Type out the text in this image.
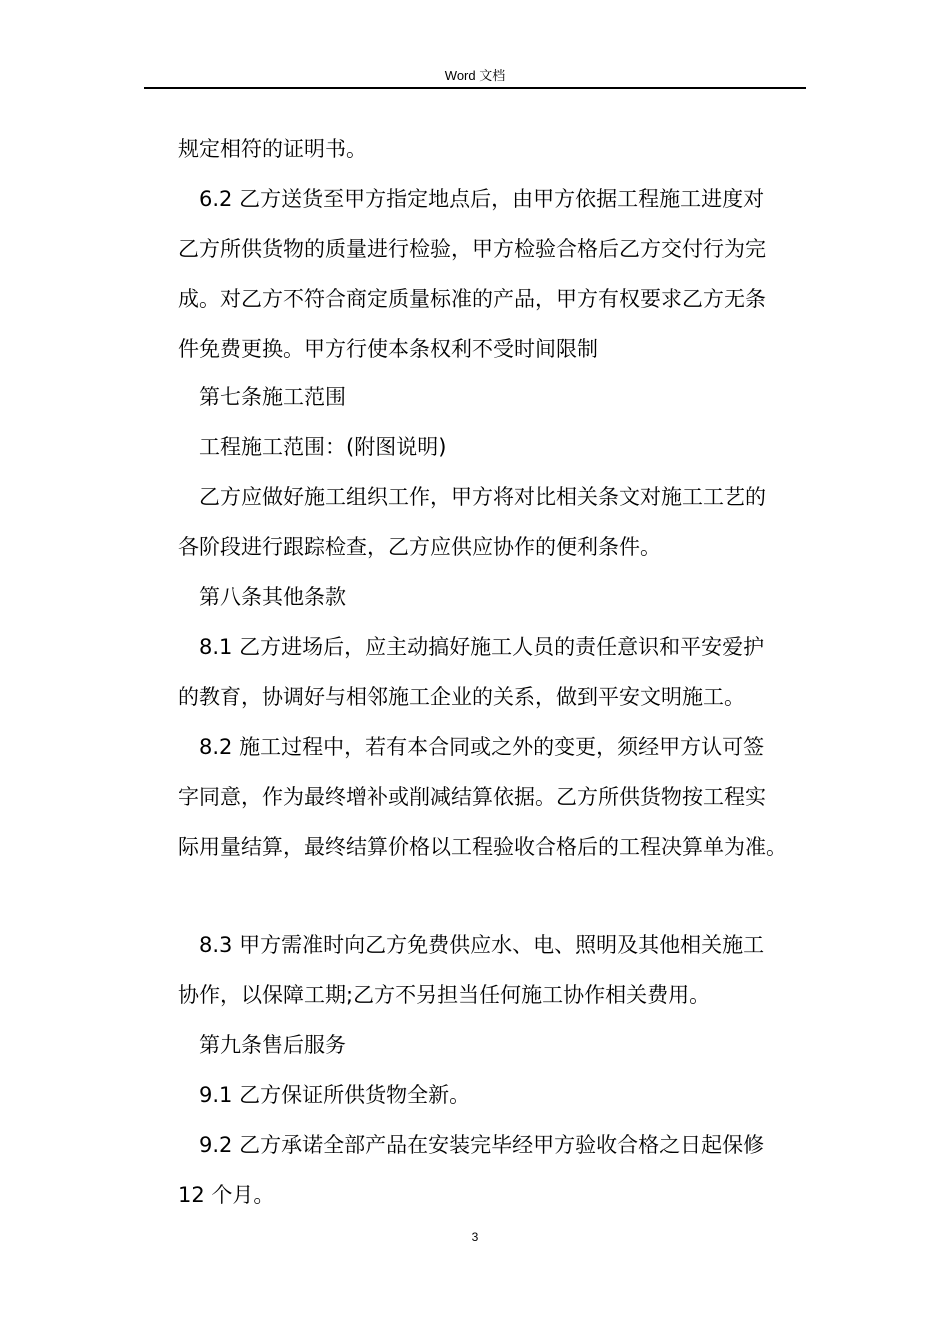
Word 文档
规定相符的证明书。
6.2 乙方送货至甲方指定地点后，由甲方依据工程施工进度对
乙方所供货物的质量进行检验，甲方检验合格后乙方交付行为完
成。对乙方不符合商定质量标准的产品，甲方有权要求乙方无条
件免费更换。甲方行使本条权利不受时间限制
第七条施工范围
工程施工范围：(附图说明)
乙方应做好施工组织工作，甲方将对比相关条文对施工工艺的
各阶段进行跟踪检查，乙方应供应协作的便利条件。
第八条其他条款
8.1 乙方进场后，应主动搞好施工人员的责任意识和平安爱护
的教育，协调好与相邻施工企业的关系，做到平安文明施工。
8.2 施工过程中，若有本合同或之外的变更，须经甲方认可签
字同意，作为最终增补或削减结算依据。乙方所供货物按工程实
际用量结算，最终结算价格以工程验收合格后的工程决算单为准。
8.3 甲方需准时向乙方免费供应水、电、照明及其他相关施工
协作，以保障工期;乙方不另担当任何施工协作相关费用。
第九条售后服务
9.1 乙方保证所供货物全新。
9.2 乙方承诺全部产品在安装完毕经甲方验收合格之日起保修
12 个月。
3
